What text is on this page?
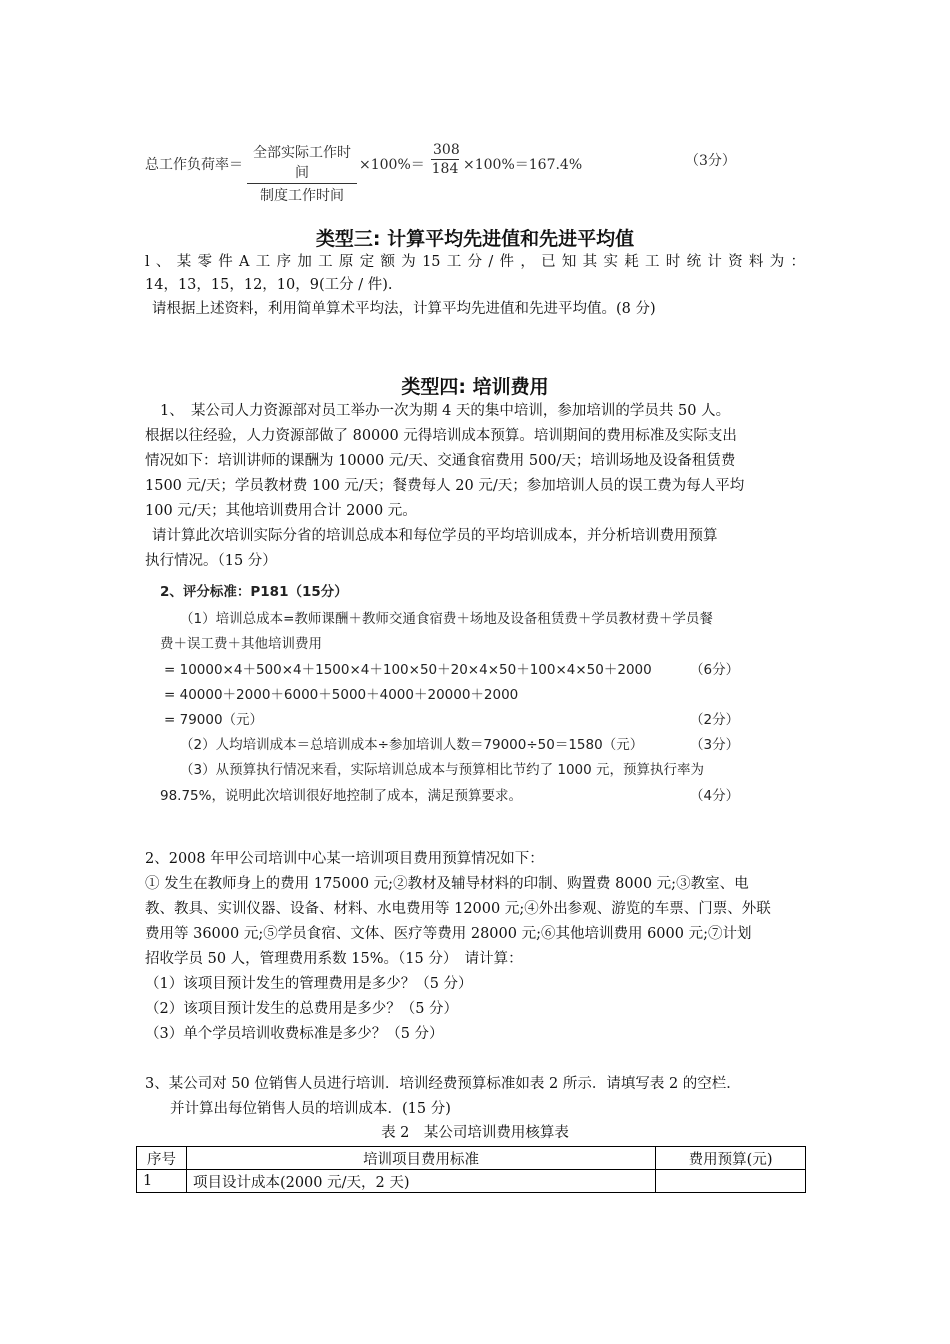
总工作负荷率＝
全部实际工作时间
制度工作时间
$\times 100\%= \frac{308}{184} \times 100\%=167.4\%$	（3分）
类型三: 计算平均先进值和先进平均值
l、某零件A工序加工原定额为15工分/件，已知其实耗工时统计资料为：
14，13，15，12，10，9(工分 / 件).
请根据上述资料，利用简单算术平均法，计算平均先进值和先进平均值。(8 分)
类型四: 培训费用
1、　某公司人力资源部对员工举办一次为期 4 天的集中培训，参加培训的学员共 50 人。
根据以往经验，人力资源部做了 80000 元得培训成本预算。培训期间的费用标准及实际支出
情况如下：培训讲师的课酬为 10000 元/天、交通食宿费用 500/天；培训场地及设备租赁费
1500 元/天；学员教材费 100 元/天；餐费每人 20 元/天；参加培训人员的误工费为每人平均
100 元/天；其他培训费用合计 2000 元。
请计算此次培训实际分省的培训总成本和每位学员的平均培训成本，并分析培训费用预算
执行情况。（15 分）
2、评分标准：P181（15分）
（1）培训总成本=教师课酬＋教师交通食宿费＋场地及设备租赁费＋学员教材费＋学员餐
费＋误工费＋其他培训费用
= 10000×4＋500×4＋1500×4＋100×50＋20×4×50＋100×4×50＋2000	（6分）
= 40000＋2000＋6000＋5000＋4000＋20000＋2000
= 79000（元）	（2分）
（2）人均培训成本＝总培训成本÷参加培训人数＝79000÷50＝1580（元）	（3分）
（3）从预算执行情况来看，实际培训总成本与预算相比节约了 1000 元，预算执行率为
98.75%，说明此次培训很好地控制了成本，满足预算要求。	（4分）
2、2008 年甲公司培训中心某一培训项目费用预算情况如下：
① 发生在教师身上的费用 175000 元;②教材及辅导材料的印制、购置费 8000 元;③教室、电
教、教具、实训仪器、设备、材料、水电费用等 12000 元;④外出参观、游览的车票、门票、外联
费用等 36000 元;⑤学员食宿、文体、医疗等费用 28000 元;⑥其他培训费用 6000 元;⑦计划
招收学员 50 人，管理费用系数 15%。（15 分）　请计算：
（1）该项目预计发生的管理费用是多少？（5 分）
（2）该项目预计发生的总费用是多少？（5 分）
（3）单个学员培训收费标准是多少？（5 分）
3、某公司对 50 位销售人员进行培训．培训经费预算标准如表 2 所示．请填写表 2 的空栏．
并计算出每位销售人员的培训成本．(15 分)
表 2　某公司培训费用核算表
序号	培训项目费用标准	费用预算(元)
1	项目设计成本(2000 元/天，2 天)	
